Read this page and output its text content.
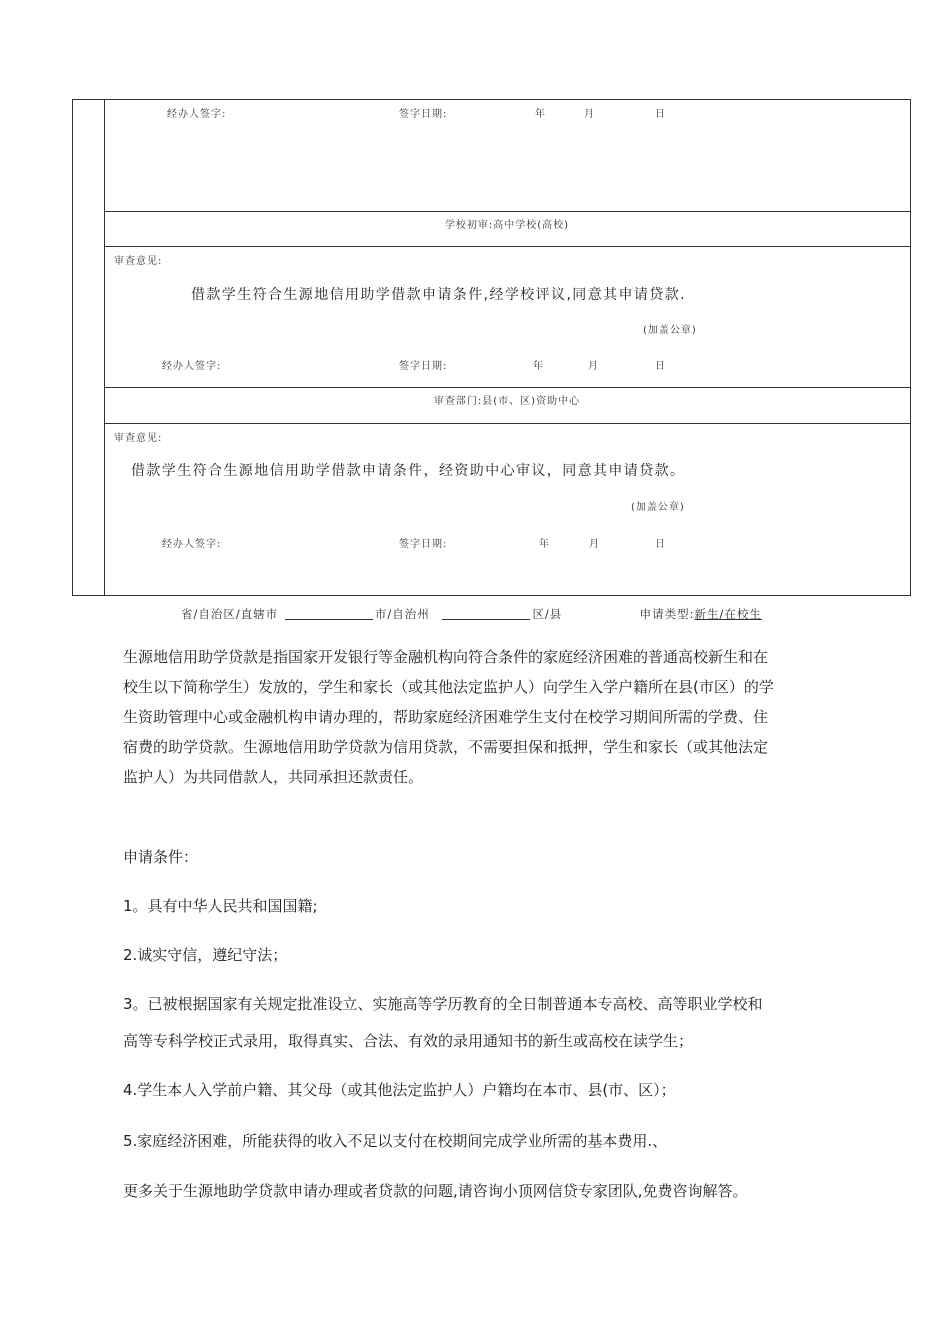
经办人签字:	签字日期:	年	月	日
学校初审:高中学校(高校)
审查意见:
借款学生符合生源地信用助学借款申请条件,经学校评议,同意其申请贷款.
(加盖公章)
经办人签字:	签字日期:	年	月	日
审查部门:县(市、区)资助中心
审查意见:
借款学生符合生源地信用助学借款申请条件，经资助中心审议，同意其申请贷款。
(加盖公章)
经办人签字:	签字日期:	年	月	日
省/自治区/直辖市	市/自治州	区/县	申请类型:新生/在校生

生源地信用助学贷款是指国家开发银行等金融机构向符合条件的家庭经济困难的普通高校新生和在

校生以下简称学生）发放的，学生和家长（或其他法定监护人）向学生入学户籍所在县(市区）的学

生资助管理中心或金融机构申请办理的，帮助家庭经济困难学生支付在校学习期间所需的学费、住

宿费的助学贷款。生源地信用助学贷款为信用贷款，不需要担保和抵押，学生和家长（或其他法定

监护人）为共同借款人，共同承担还款责任。

申请条件：
1。具有中华人民共和国国籍;
2.诚实守信，遵纪守法；
3。已被根据国家有关规定批准设立、实施高等学历教育的全日制普通本专高校、高等职业学校和
高等专科学校正式录用，取得真实、合法、有效的录用通知书的新生或高校在读学生；
4.学生本人入学前户籍、其父母（或其他法定监护人）户籍均在本市、县(市、区）；
5.家庭经济困难，所能获得的收入不足以支付在校期间完成学业所需的基本费用.、
更多关于生源地助学贷款申请办理或者贷款的问题,请咨询小顶网信贷专家团队,免费咨询解答。
